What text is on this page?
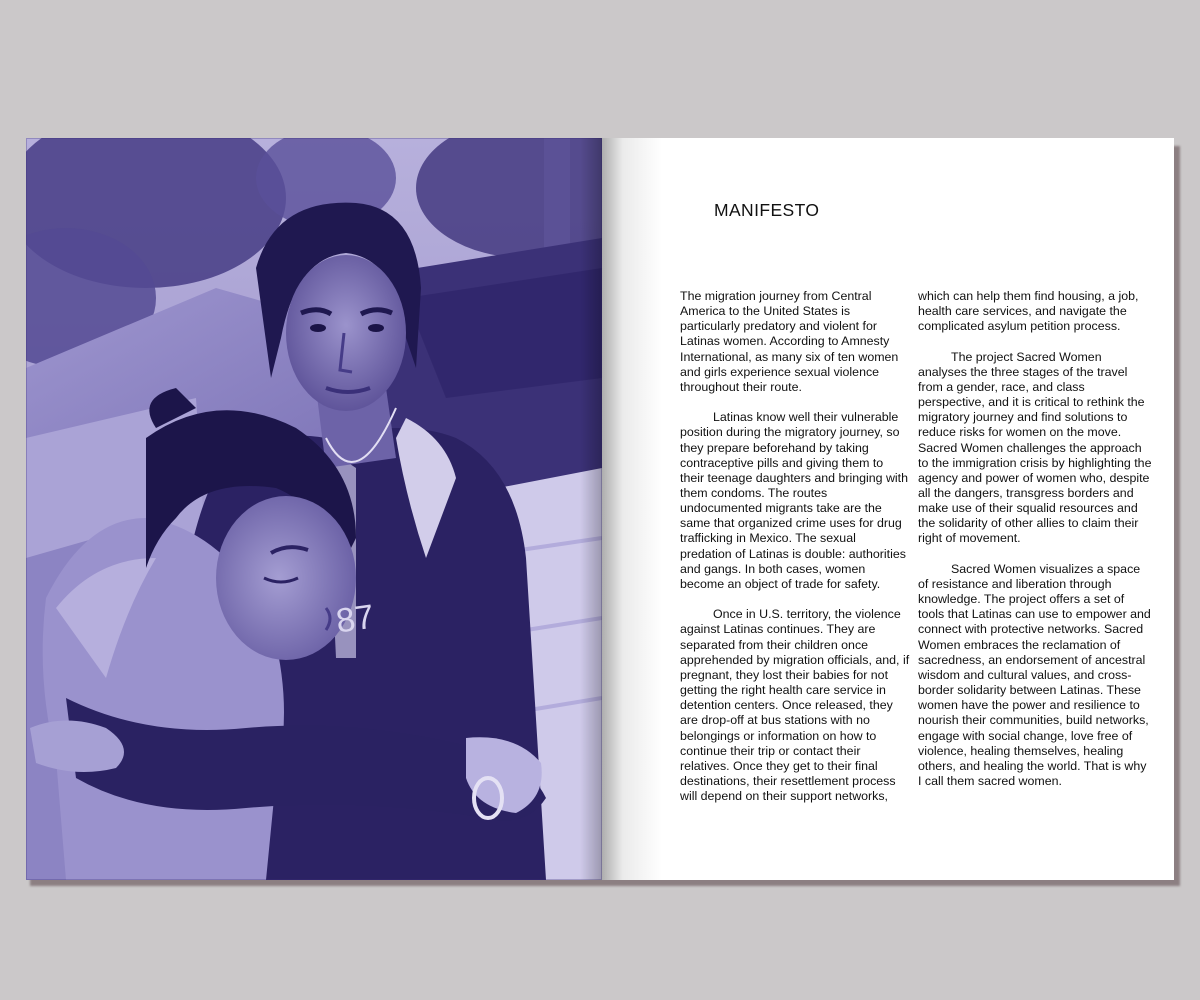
87
MANIFESTO

The migration journey from Central America to the United States is particularly predatory and violent for Latinas women. According to Amnesty International, as many six of ten women and girls experience sexual violence throughout their route.

Latinas know well their vulnerable position during the migratory journey, so they prepare beforehand by taking contraceptive pills and giving them to their teenage daughters and bringing with them condoms. The routes undocumented migrants take are the same that organized crime uses for drug trafficking in Mexico. The sexual predation of Latinas is double: authorities and gangs. In both cases, women become an object of trade for safety.

Once in U.S. territory, the violence against Latinas continues. They are separated from their children once apprehended by migration officials, and, if pregnant, they lost their babies for not getting the right health care service in detention centers. Once released, they are drop-off at bus stations with no belongings or information on how to continue their trip or contact their relatives. Once they get to their final destinations, their resettlement process will depend on their support networks,

which can help them find housing, a job, health care services, and navigate the complicated asylum petition process.

The project Sacred Women analyses the three stages of the travel from a gender, race, and class perspective, and it is critical to rethink the migratory journey and find solutions to reduce risks for women on the move. Sacred Women challenges the approach to the immigration crisis by highlighting the agency and power of women who, despite all the dangers, transgress borders and make use of their squalid resources and the solidarity of other allies to claim their right of movement.

Sacred Women visualizes a space of resistance and liberation through knowledge. The project offers a set of tools that Latinas can use to empower and connect with protective networks. Sacred Women embraces the reclamation of sacredness, an endorsement of ancestral wisdom and cultural values, and cross-border solidarity between Latinas. These women have the power and resilience to nourish their communities, build networks, engage with social change, love free of violence, healing themselves, healing others, and healing the world. That is why I call them sacred women.
